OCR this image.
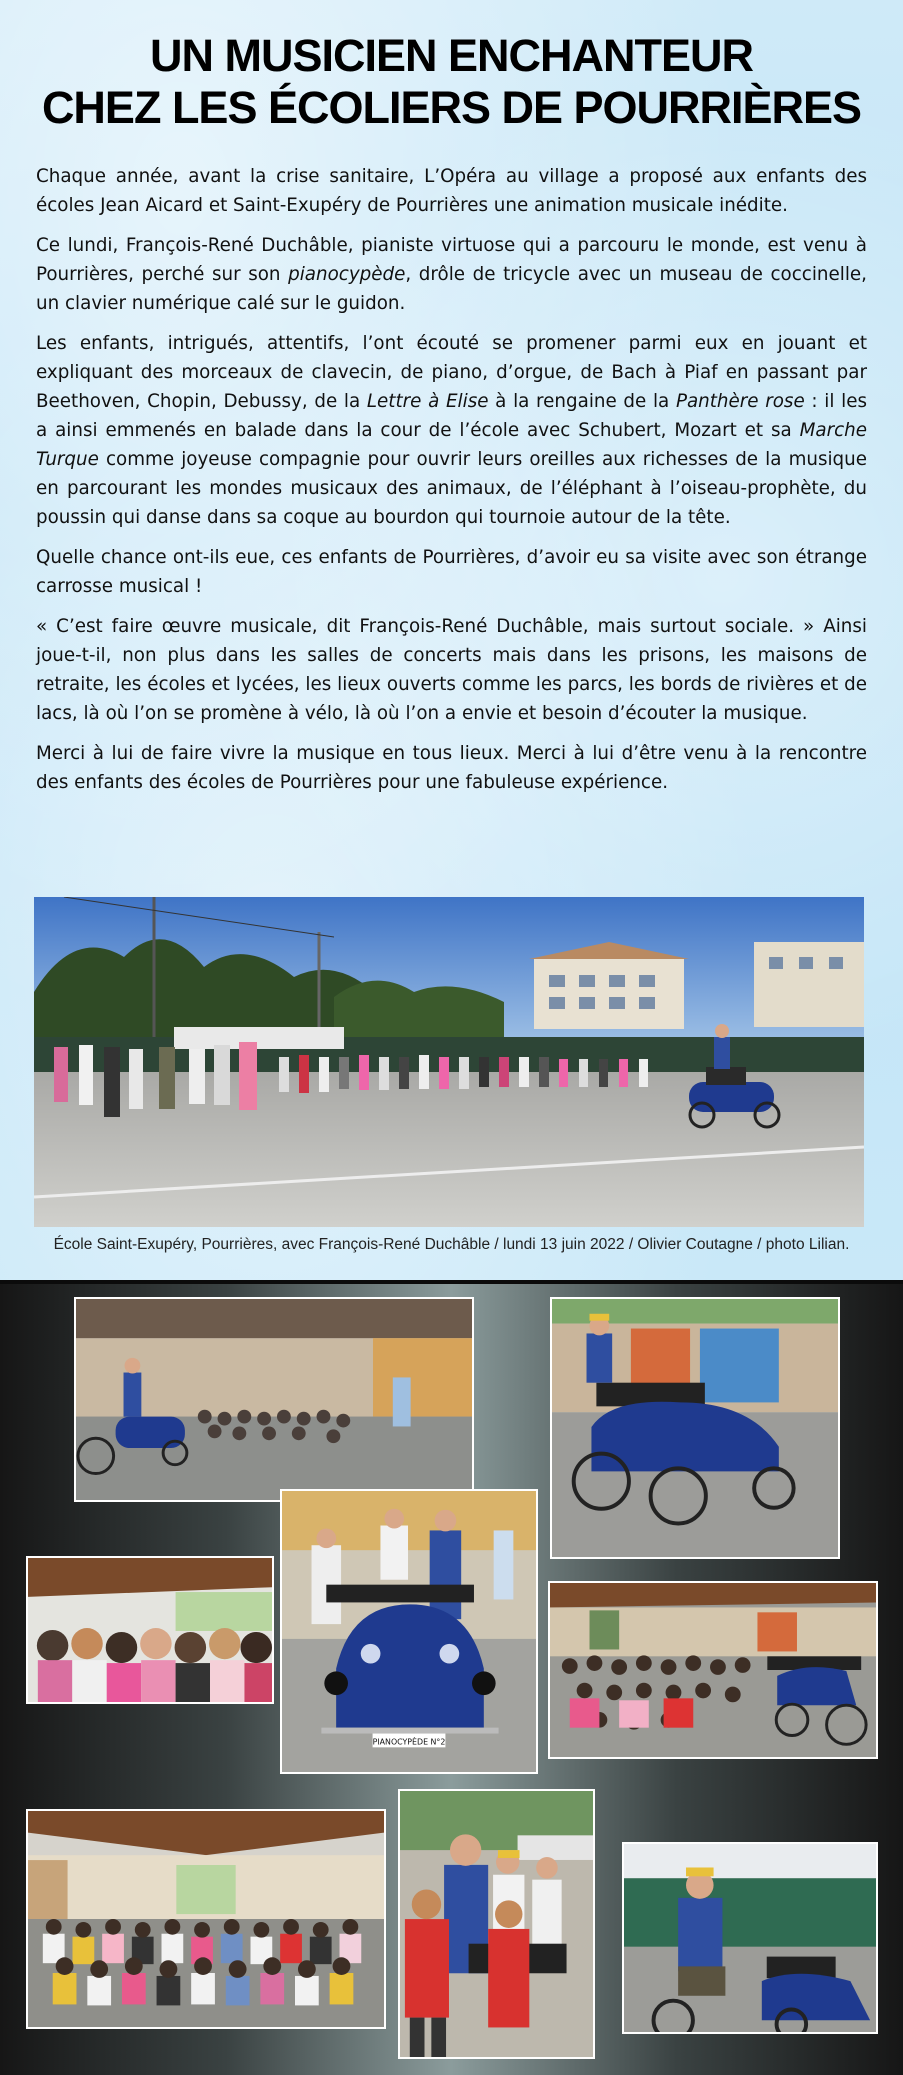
UN MUSICIEN ENCHANTEUR
CHEZ LES ÉCOLIERS DE POURRIÈRES

Chaque année, avant la crise sanitaire, L’Opéra au village a proposé aux enfants des écoles Jean Aicard et Saint-Exupéry de Pourrières une animation musicale inédite.

Ce lundi, François-René Duchâble, pianiste virtuose qui a parcouru le monde, est venu à Pourrières, perché sur son pianocypède, drôle de tricycle avec un museau de coccinelle, un clavier numérique calé sur le guidon.

Les enfants, intrigués, attentifs, l’ont écouté se promener parmi eux en jouant et expliquant des morceaux de clavecin, de piano, d’orgue, de Bach à Piaf en passant par Beethoven, Chopin, Debussy, de la Lettre à Elise à la rengaine de la Panthère rose : il les a ainsi emmenés en balade dans la cour de l’école avec Schubert, Mozart et sa Marche Turque comme joyeuse compagnie pour ouvrir leurs oreilles aux richesses de la musique en parcourant les mondes musicaux des animaux, de l’éléphant à l’oiseau-prophète, du poussin qui danse dans sa coque au bourdon qui tournoie autour de la tête.

Quelle chance ont-ils eue, ces enfants de Pourrières, d’avoir eu sa visite avec son étrange carrosse musical !

« C’est faire œuvre musicale, dit François-René Duchâble, mais surtout sociale. » Ainsi joue-t-il, non plus dans les salles de concerts mais dans les prisons, les maisons de retraite, les écoles et lycées, les lieux ouverts comme les parcs, les bords de rivières et de lacs, là où l’on se promène à vélo, là où l’on a envie et besoin d’écouter la musique.

Merci à lui de faire vivre la musique en tous lieux. Merci à lui d’être venu à la rencontre des enfants des écoles de Pourrières pour une fabuleuse expérience.

École Saint-Exupéry, Pourrières, avec François-René Duchâble / lundi 13 juin 2022 / Olivier Coutagne / photo Lilian.

PIANOCYPÈDE N°2
